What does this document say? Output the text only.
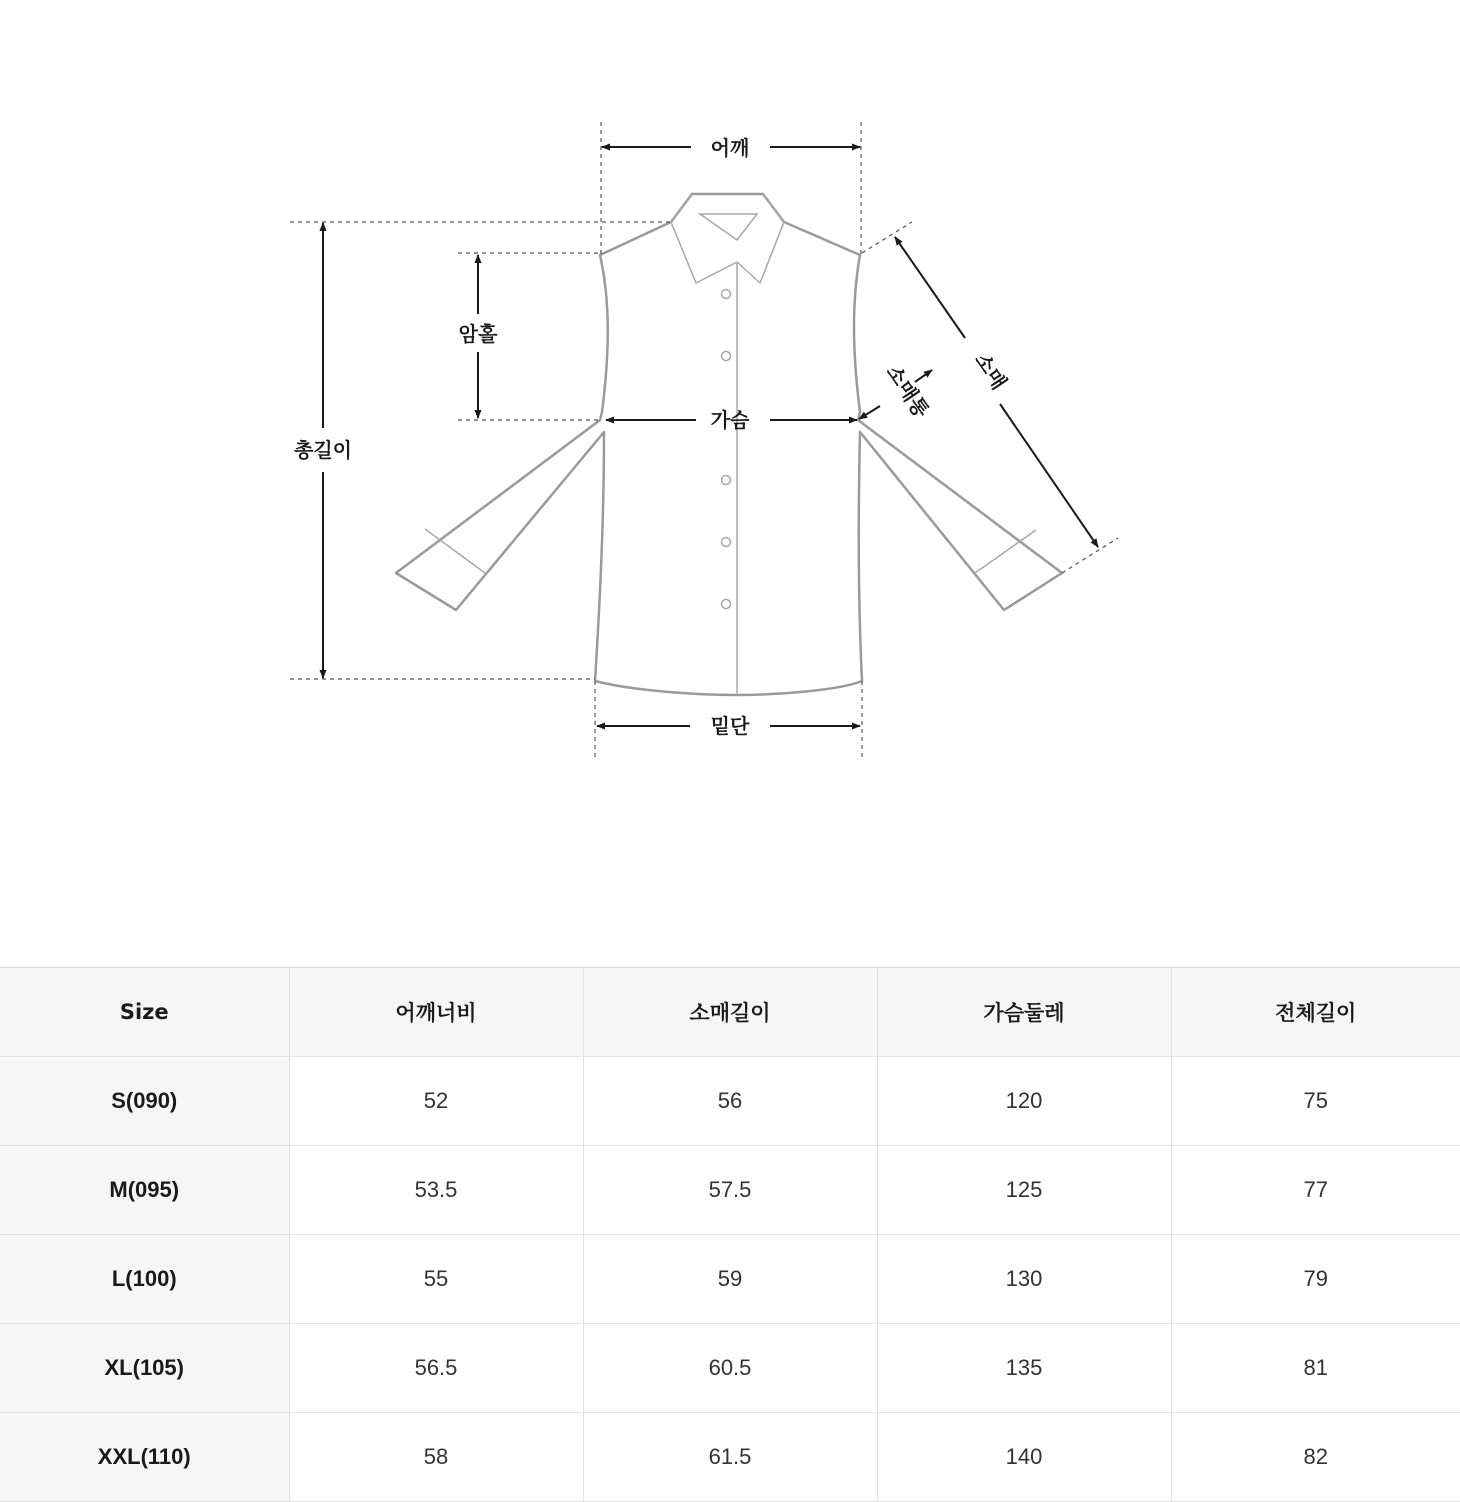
어깨
총길이
암홀
가슴
소매
소매통
밑단
Size	어깨너비	소매길이	가슴둘레	전체길이
S(090)	52	56	120	75
M(095)	53.5	57.5	125	77
L(100)	55	59	130	79
XL(105)	56.5	60.5	135	81
XXL(110)	58	61.5	140	82
